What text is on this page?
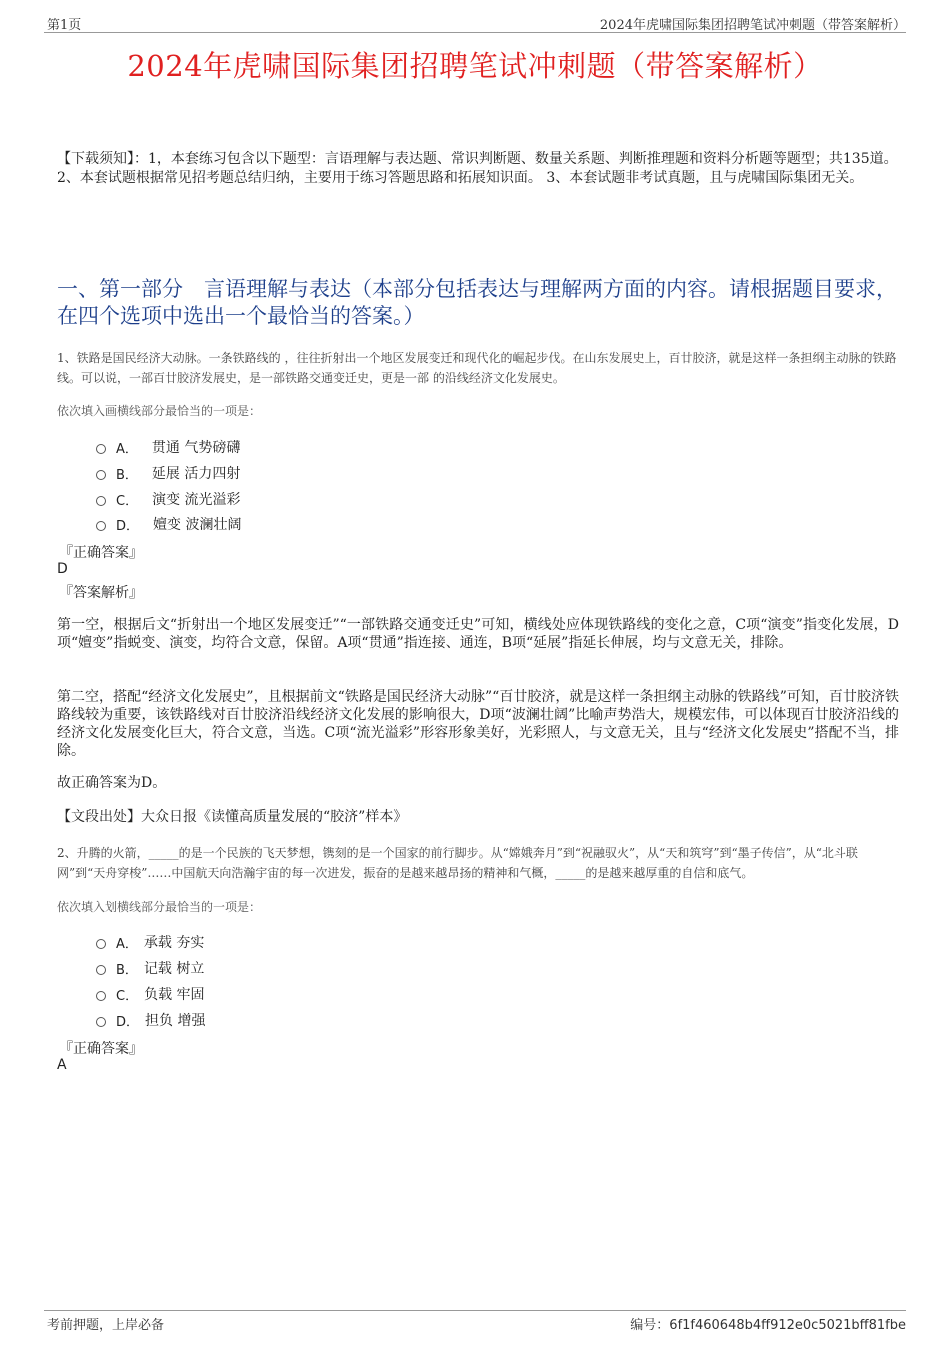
第1页	2024年虎啸国际集团招聘笔试冲刺题（带答案解析）
2024年虎啸国际集团招聘笔试冲刺题（带答案解析）
【下载须知】：1，本套练习包含以下题型：言语理解与表达题、常识判断题、数量关系题、判断推理题和资料分析题等题型；共135道。 2、本套试题根据常见招考题总结归纳，主要用于练习答题思路和拓展知识面。 3、本套试题非考试真题，且与虎啸国际集团无关。
一、第一部分　言语理解与表达（本部分包括表达与理解两方面的内容。请根据题目要求，在四个选项中选出一个最恰当的答案。）
1、铁路是国民经济大动脉。一条铁路线的 ，往往折射出一个地区发展变迁和现代化的崛起步伐。在山东发展史上，百廿胶济，就是这样一条担纲主动脉的铁路线。可以说，一部百廿胶济发展史，是一部铁路交通变迁史，更是一部 的沿线经济文化发展史。
依次填入画横线部分最恰当的一项是：
A． 贯通 气势磅礴
B． 延展 活力四射
C． 演变 流光溢彩
D． 嬗变 波澜壮阔
『正确答案』
D
『答案解析』
第一空，根据后文“折射出一个地区发展变迁”“一部铁路交通变迁史”可知，横线处应体现铁路线的变化之意，C项“演变”指变化发展，D项“嬗变”指蜕变、演变，均符合文意，保留。A项“贯通”指连接、通连，B项“延展”指延长伸展，均与文意无关，排除。
第二空，搭配“经济文化发展史”，且根据前文“铁路是国民经济大动脉”“百廿胶济，就是这样一条担纲主动脉的铁路线”可知，百廿胶济铁路线较为重要，该铁路线对百廿胶济沿线经济文化发展的影响很大，D项“波澜壮阔”比喻声势浩大，规模宏伟，可以体现百廿胶济沿线的经济文化发展变化巨大，符合文意，当选。C项“流光溢彩”形容形象美好，光彩照人，与文意无关，且与“经济文化发展史”搭配不当，排除。
故正确答案为D。
【文段出处】大众日报《读懂高质量发展的“胶济”样本》
2、升腾的火箭，_____的是一个民族的飞天梦想，镌刻的是一个国家的前行脚步。从“嫦娥奔月”到“祝融驭火”，从“天和筑穹”到“墨子传信”，从“北斗联网”到“天舟穿梭”……中国航天向浩瀚宇宙的每一次进发，振奋的是越来越昂扬的精神和气概，_____的是越来越厚重的自信和底气。
依次填入划横线部分最恰当的一项是：
A． 承载 夯实
B． 记载 树立
C． 负载 牢固
D． 担负 增强
『正确答案』
A
考前押题，上岸必备	编号：6f1f460648b4ff912e0c5021bff81fbe
